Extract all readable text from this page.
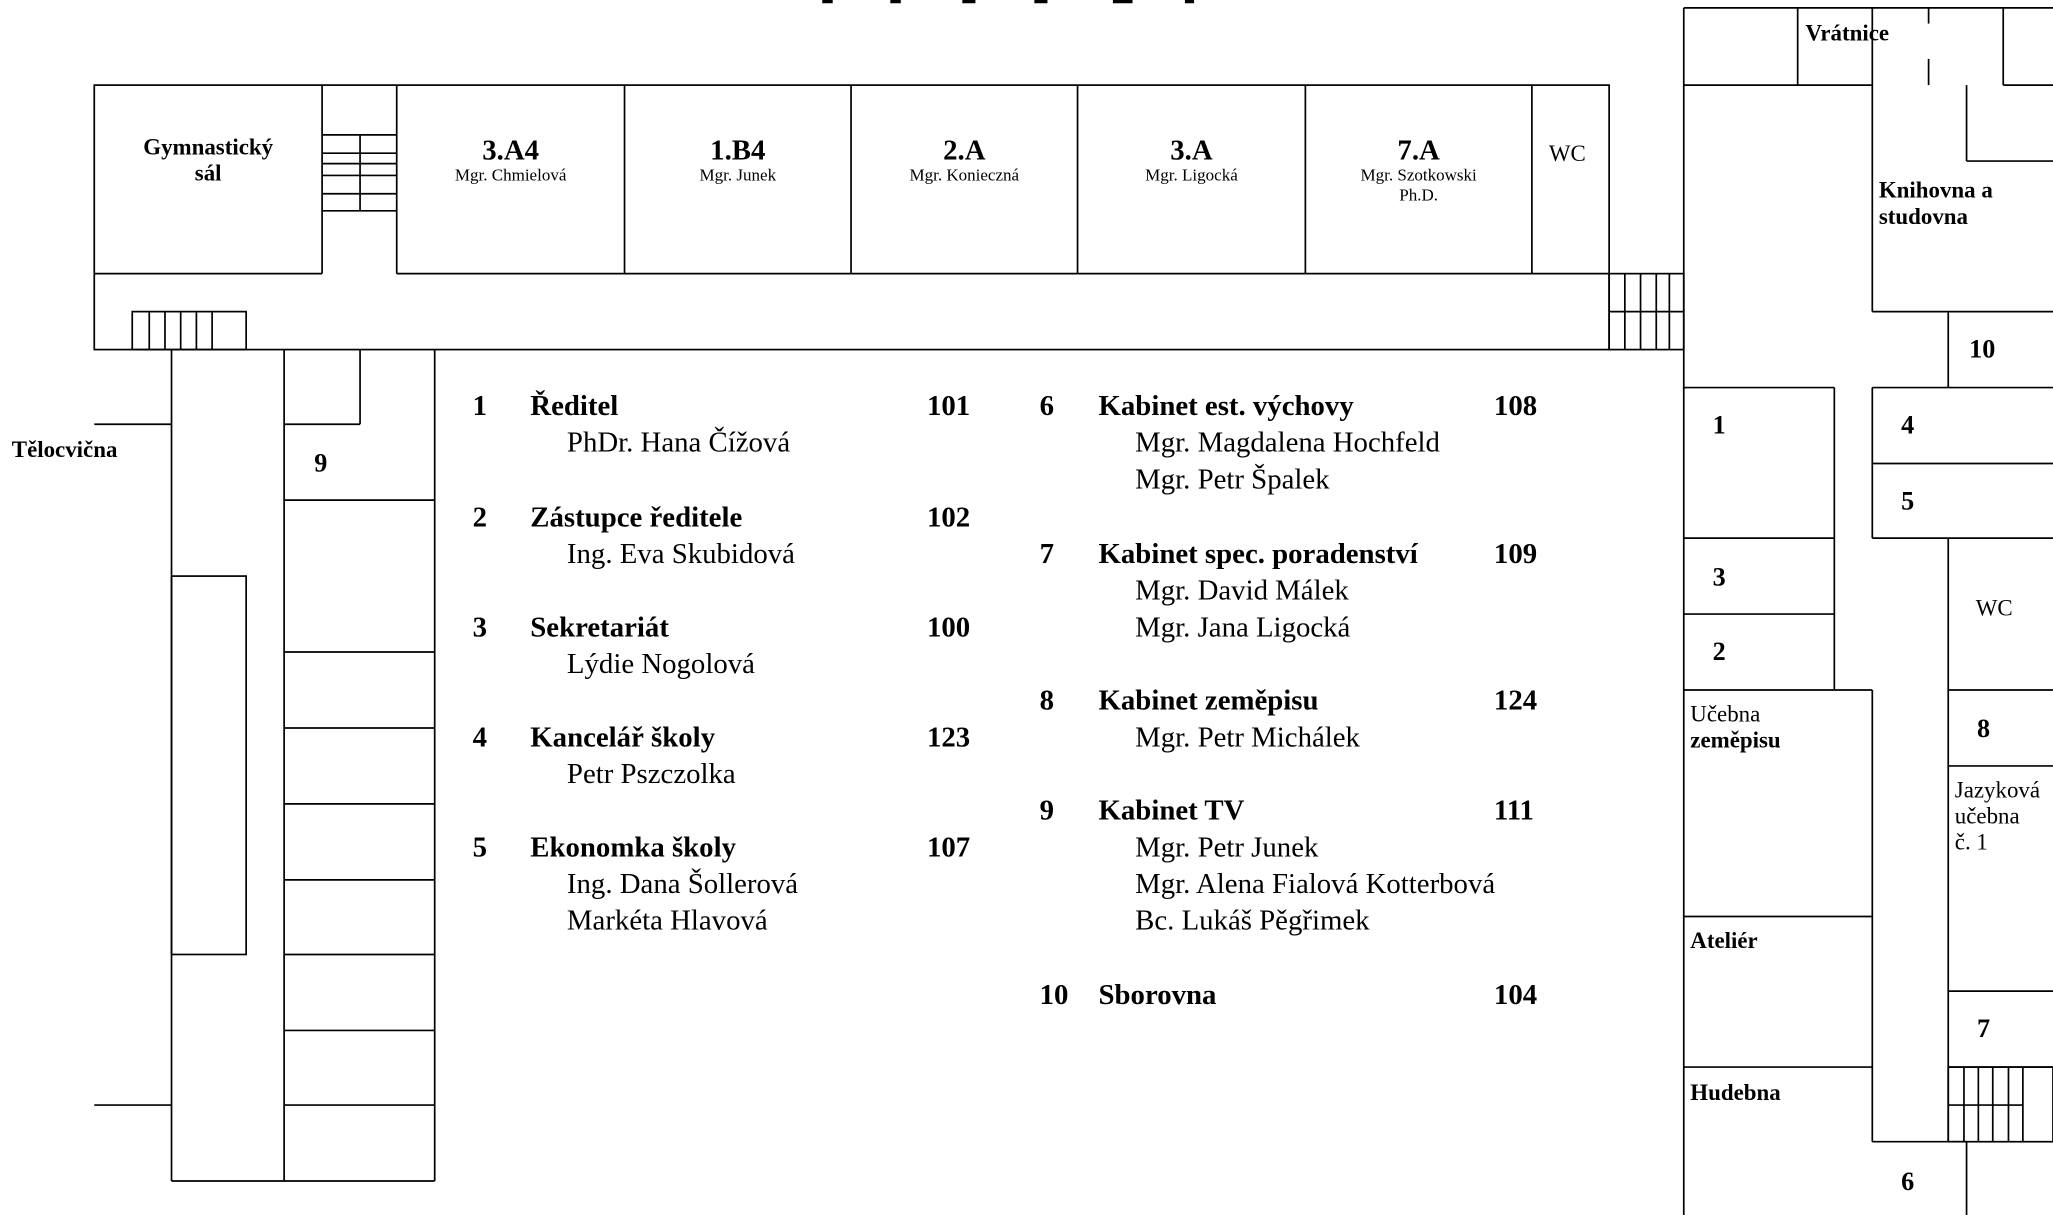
Gymnastický
sál
3.A4
Mgr. Chmielová
1.B4
Mgr. Junek
2.A
Mgr. Konieczná
3.A
Mgr. Ligocká
7.A
Mgr. Szotkowski
Ph.D.
WC
Tělocvična	9
Vrátnice
Knihovna a
studovna
10
1	4
5
3
WC
2
Učebna
zeměpisu	8
Jazyková
učebna
č. 1
Ateliér
7
Hudebna
6
1 Ředitel	101
PhDr. Hana Čížová
2 Zástupce ředitele	102
Ing. Eva Skubidová
3 Sekretariát	100
Lýdie Nogolová
4 Kancelář školy	123
Petr Pszczolka
5 Ekonomka školy	107
Ing. Dana Šollerová
Markéta Hlavová
6 Kabinet est. výchovy	108
Mgr. Magdalena Hochfeld
Mgr. Petr Špalek
7 Kabinet spec. poradenství	109
Mgr. David Málek
Mgr. Jana Ligocká
8 Kabinet zeměpisu	124
Mgr. Petr Michálek
9 Kabinet TV	111
Mgr. Petr Junek
Mgr. Alena Fialová Kotterbová
Bc. Lukáš Pěgřimek
10 Sborovna	104
